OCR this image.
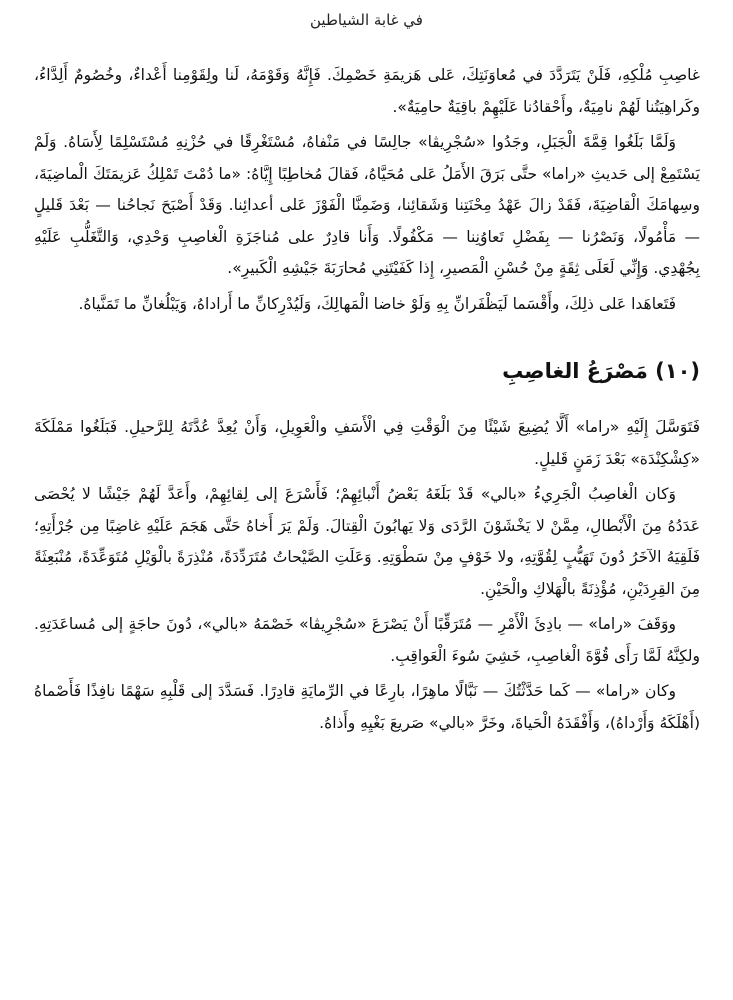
في غابة الشياطين

غاصِبِ مُلْكِهِ، فَلَنْ يَتَرَدَّدَ في مُعاوَنَتِكَ، عَلى هَزيمَةِ خَصْمِكَ. فَإِنَّهُ وَقَوْمَهُ، لَنا ولِقَوْمِنا أَعْداءٌ، وخُصُومٌ أَلِدَّاءُ، وكَراهِيَتُنا لَهُمْ نامِيَةٌ، وأَحْقادُنا عَلَيْهِمْ باقِيَةٌ حامِيَةٌ».

وَلَمَّا بَلَغُوا قِمَّةَ الْجَبَلِ، وجَدُوا «سُجْرِيڤا» جالِسًا في مَنْفاهُ، مُسْتَغْرِقًا في حُزْنِهِ مُسْتَسْلِمًا لِأَسَاهُ. وَلَمْ يَسْتَمِعْ إلى حَديثِ «راما» حتَّى بَرَقَ الأَمَلُ عَلى مُحَيَّاهُ، فَقالَ مُخاطِبًا إِيَّاهُ: «ما دُمْتَ تَمْلِكُ عَزيمَتَكَ الْماضِيَةَ، وسِهامَكَ الْقاضِيَةَ، فَقَدْ زالَ عَهْدُ مِحْنَتِنا وَشَقائِنا، وَضَمِنَّا الْفَوْزَ عَلى أعدائِنا. وَقَدْ أَصْبَحَ نَجاحُنا — بَعْدَ قَليلٍ — مَأْمُولًا، وَنَصْرُنا — بِفَضْلِ تَعاوُنِنا — مَكْفُولًا. وَأَنا قادِرٌ على مُناجَزَةِ الْغاصِبِ وَحْدِي، وَالتَّغَلُّبِ عَلَيْهِ بِجُهْدِي. وَإِنِّي لَعَلَى ثِقَةٍ مِنْ حُسْنِ الْمَصيرِ، إِذا كَفَيْتَنِي مُحارَبَةَ جَيْشِهِ الْكَبيرِ».

فَتَعاهَدا عَلى ذلِكَ، وأَقْسَما لَيَظْفَرانِّ بِهِ وَلَوْ خاضا الْمَهالِكَ، وَلَيُدْرِكانِّ ما أَراداهُ، وَيَبْلُغانِّ ما تَمَنَّياهُ.

(١٠) مَصْرَعُ الغاصِبِ

فَتَوَسَّلَ إِلَيْهِ «راما» أَلَّا يُضِيعَ شَيْئًا مِنَ الْوَقْتِ فِي الْأَسَفِ والْعَوِيلِ، وَأَنْ يُعِدَّ عُدَّتَهُ لِلرَّحيلِ. فَبَلَغُوا مَمْلَكَةَ «كِشْكِنْدَة» بَعْدَ زَمَنٍ قَليلٍ.

وَكان الْغاصِبُ الْجَرِيءُ «بالي» قَدْ بَلَغَهُ بَعْضُ أَنْبائِهِمْ؛ فَأَسْرَعَ إلى لِقائِهِمْ، وأَعَدَّ لَهُمْ جَيْشًا لا يُحْصَى عَدَدُهُ مِنَ الْأَبْطالِ، مِمَّنْ لا يَخْشَوْنَ الرَّدَى وَلا يَهابُونَ الْقِتالَ. وَلَمْ يَرَ أَخاهُ حَتَّى هَجَمَ عَلَيْهِ غاضِبًا مِن جُرْأَتِهِ؛ فَلَقِيَهُ الآخَرُ دُونَ تَهَيُّبٍ لِقُوَّتِهِ، ولا خَوْفٍ مِنْ سَطْوَتِهِ. وَعَلَتِ الصَّيْحاتُ مُتَرَدِّدَةً، مُنْذِرَةً بالْوَيْلِ مُتَوَعِّدَةً، مُنْبَعِثَةً مِنَ القِرِدَيْنِ، مُؤْذِنَةً بالْهَلاكِ والْحَيْنِ.

ووَقَفَ «راما» — بادِئَ الْأَمْرِ — مُتَرَقِّبًا أَنْ يَصْرَعَ «سُجْرِيڤا» خَصْمَهُ «بالي»، دُونَ حاجَةٍ إلى مُساعَدَتِهِ. ولكِنَّهُ لَمَّا رَأَى قُوَّةَ الْغاصِبِ، خَشِيَ سُوءَ الْعَواقِبِ.

وكان «راما» — كَما حَدَّثْتُكَ — نَبَّالًا ماهِرًا، بارِعًا في الرِّمايَةِ قادِرًا. فَسَدَّدَ إلى قَلْبِهِ سَهْمًا نافِذًا فَأَصْماهُ (أَهْلَكَهُ وَأَرْداهُ)، وَأَفْقَدَهُ الْحَياةَ، وخَرَّ «بالي» صَريعَ بَغْيِهِ وأَذاهُ.
